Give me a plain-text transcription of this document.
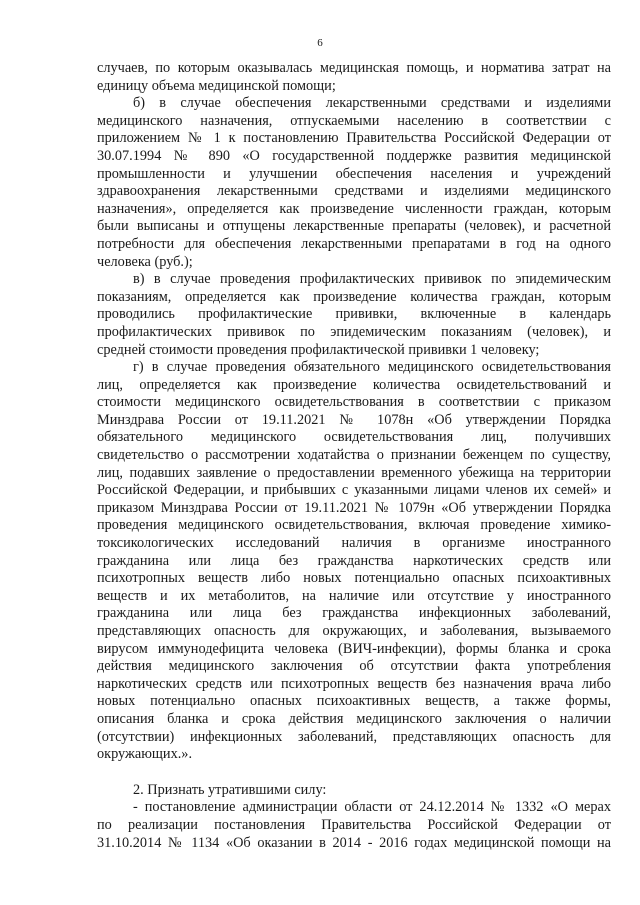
6
случаев, по которым оказывалась медицинская помощь, и норматива затрат на
единицу объема медицинской помощи;
б) в случае обеспечения лекарственными средствами и изделиями
медицинского назначения, отпускаемыми населению в соответствии с
приложением № 1 к постановлению Правительства Российской Федерации от
30.07.1994 № 890 «О государственной поддержке развития медицинской
промышленности и улучшении обеспечения населения и учреждений
здравоохранения лекарственными средствами и изделиями медицинского
назначения», определяется как произведение численности граждан, которым
были выписаны и отпущены лекарственные препараты (человек), и расчетной
потребности для обеспечения лекарственными препаратами в год на одного
человека (руб.);
в) в случае проведения профилактических прививок по эпидемическим
показаниям, определяется как произведение количества граждан, которым
проводились профилактические прививки, включенные в календарь
профилактических прививок по эпидемическим показаниям (человек), и
средней стоимости проведения профилактической прививки 1 человеку;
г) в случае проведения обязательного медицинского освидетельствования
лиц, определяется как произведение количества освидетельствований и
стоимости медицинского освидетельствования в соответствии с приказом
Минздрава России от 19.11.2021 № 1078н «Об утверждении Порядка
обязательного медицинского освидетельствования лиц, получивших
свидетельство о рассмотрении ходатайства о признании беженцем по существу,
лиц, подавших заявление о предоставлении временного убежища на территории
Российской Федерации, и прибывших с указанными лицами членов их семей» и
приказом Минздрава России от 19.11.2021 № 1079н «Об утверждении Порядка
проведения медицинского освидетельствования, включая проведение химико-
токсикологических исследований наличия в организме иностранного
гражданина или лица без гражданства наркотических средств или
психотропных веществ либо новых потенциально опасных психоактивных
веществ и их метаболитов, на наличие или отсутствие у иностранного
гражданина или лица без гражданства инфекционных заболеваний,
представляющих опасность для окружающих, и заболевания, вызываемого
вирусом иммунодефицита человека (ВИЧ-инфекции), формы бланка и срока
действия медицинского заключения об отсутствии факта употребления
наркотических средств или психотропных веществ без назначения врача либо
новых потенциально опасных психоактивных веществ, а также формы,
описания бланка и срока действия медицинского заключения о наличии
(отсутствии) инфекционных заболеваний, представляющих опасность для
окружающих.».
2. Признать утратившими силу:
- постановление администрации области от 24.12.2014 № 1332 «О мерах
по реализации постановления Правительства Российской Федерации от
31.10.2014 № 1134 «Об оказании в 2014 - 2016 годах медицинской помощи на
